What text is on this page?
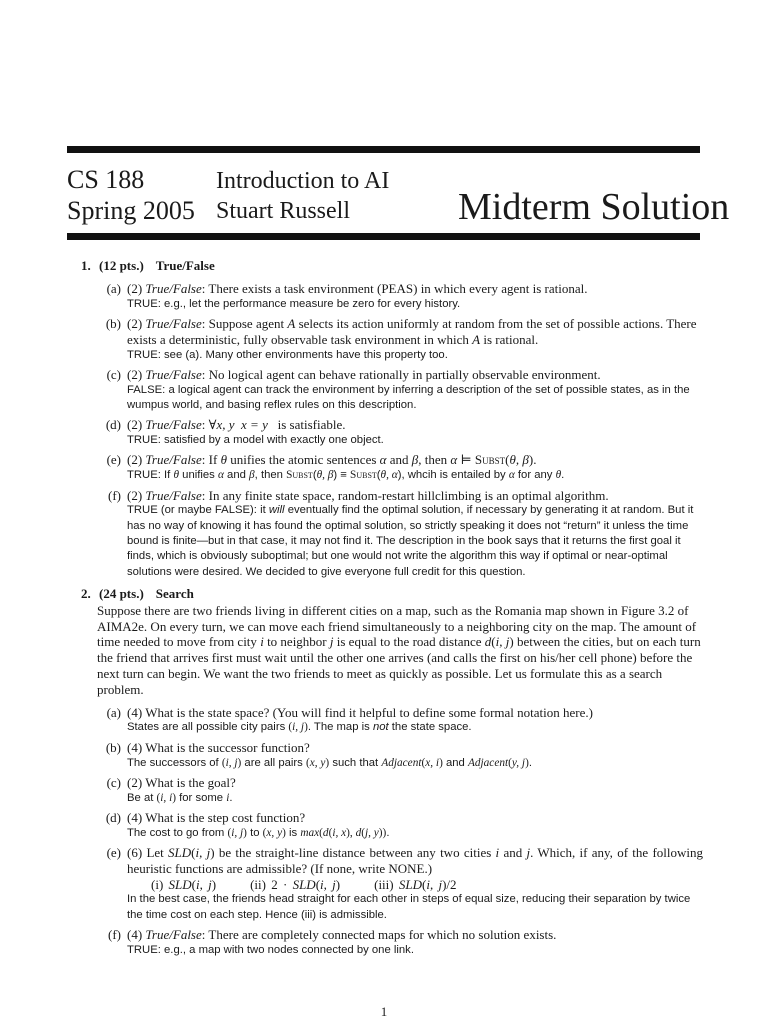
CS 188
Spring 2005
Introduction to AI
Stuart Russell	Midterm Solution
1. (12 pts.) True/False
(a) (2) True/False: There exists a task environment (PEAS) in which every agent is rational.
TRUE: e.g., let the performance measure be zero for every history.
(b) (2) True/False: Suppose agent A selects its action uniformly at random from the set of possible actions. There exists a deterministic, fully observable task environment in which A is rational.
TRUE: see (a). Many other environments have this property too.
(c) (2) True/False: No logical agent can behave rationally in partially observable environment.
FALSE: a logical agent can track the environment by inferring a description of the set of possible states, as in the wumpus world, and basing reflex rules on this description.
(d) (2) True/False: ∀x, y  x = y is satisfiable.
TRUE: satisfied by a model with exactly one object.
(e) (2) True/False: If θ unifies the atomic sentences α and β, then α ⊨ Subst(θ, β).
TRUE: If θ unifies α and β, then Subst(θ, β) ≡ Subst(θ, α), whcih is entailed by α for any θ.
(f) (2) True/False: In any finite state space, random-restart hillclimbing is an optimal algorithm.
TRUE (or maybe FALSE): it will eventually find the optimal solution, if necessary by generating it at random. But it has no way of knowing it has found the optimal solution, so strictly speaking it does not “return” it unless the time bound is finite—but in that case, it may not find it. The description in the book says that it returns the first goal it finds, which is obviously suboptimal; but one would not write the algorithm this way if optimal or near-optimal solutions were desired. We decided to give everyone full credit for this question.
2. (24 pts.) Search
Suppose there are two friends living in different cities on a map, such as the Romania map shown in Figure 3.2 of AIMA2e. On every turn, we can move each friend simultaneously to a neighboring city on the map. The amount of time needed to move from city i to neighbor j is equal to the road distance d(i, j) between the cities, but on each turn the friend that arrives first must wait until the other one arrives (and calls the first on his/her cell phone) before the next turn can begin. We want the two friends to meet as quickly as possible. Let us formulate this as a search problem.
(a) (4) What is the state space? (You will find it helpful to define some formal notation here.)
States are all possible city pairs (i, j). The map is not the state space.
(b) (4) What is the successor function?
The successors of (i, j) are all pairs (x, y) such that Adjacent(x, i) and Adjacent(y, j).
(c) (2) What is the goal?
Be at (i, i) for some i.
(d) (4) What is the step cost function?
The cost to go from (i, j) to (x, y) is max(d(i, x), d(j, y)).
(e) (6) Let SLD(i, j) be the straight-line distance between any two cities i and j. Which, if any, of the following heuristic functions are admissible? (If none, write NONE.)
(i) SLD(i, j)	(ii) 2 · SLD(i, j)	(iii) SLD(i, j)/2
In the best case, the friends head straight for each other in steps of equal size, reducing their separation by twice the time cost on each step. Hence (iii) is admissible.
(f) (4) True/False: There are completely connected maps for which no solution exists.
TRUE: e.g., a map with two nodes connected by one link.
1
